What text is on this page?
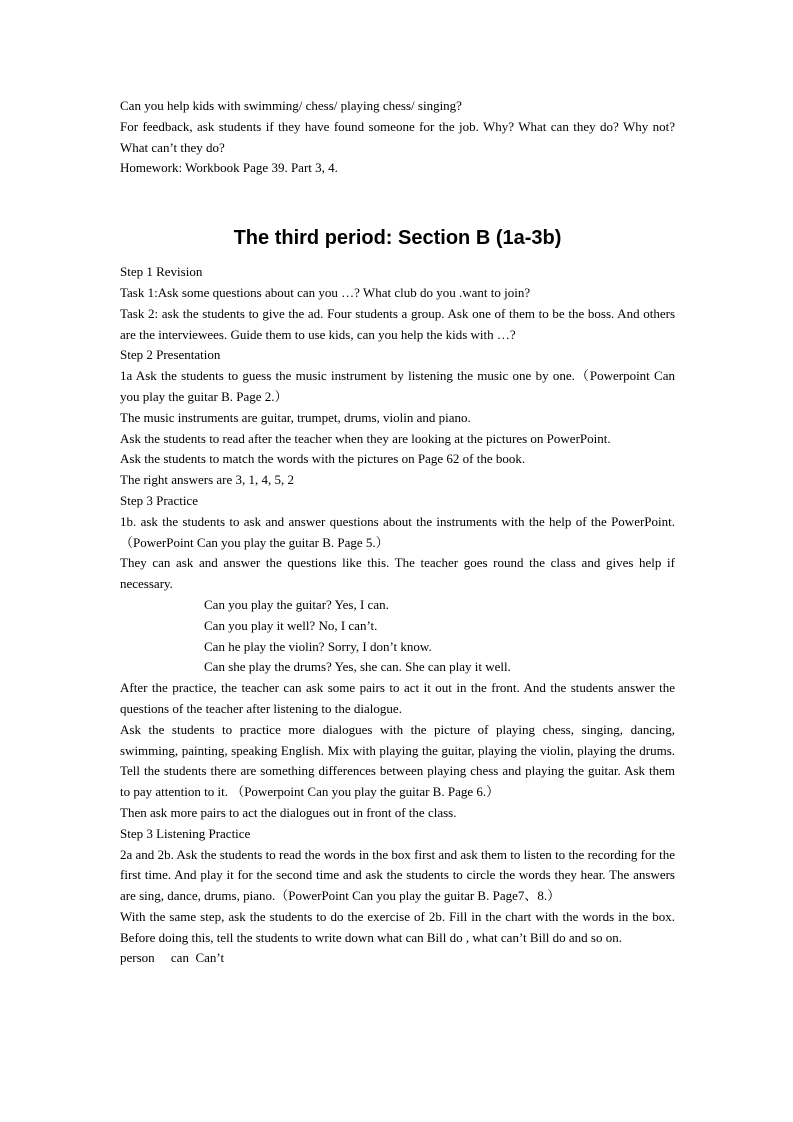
Can you help kids with swimming/ chess/ playing chess/ singing?

For feedback, ask students if they have found someone for the job. Why? What can they do? Why not? What can’t they do?

Homework: Workbook Page 39. Part 3, 4.

The third period: Section B (1a-3b)

Step 1 Revision

Task 1:Ask some questions about can you …? What club do you .want to join?

Task 2: ask the students to give the ad. Four students a group. Ask one of them to be the boss. And others are the interviewees. Guide them to use kids, can you help the kids with …?

Step 2 Presentation

1a Ask the students to guess the music instrument by listening the music one by one.（Powerpoint Can you play the guitar B. Page 2.）

The music instruments are guitar, trumpet, drums, violin and piano.

Ask the students to read after the teacher when they are looking at the pictures on PowerPoint.

Ask the students to match the words with the pictures on Page 62 of the book.

The right answers are 3, 1, 4, 5, 2

Step 3 Practice

1b. ask the students to ask and answer questions about the instruments with the help of the PowerPoint. （PowerPoint Can you play the guitar B. Page 5.）

They can ask and answer the questions like this. The teacher goes round the class and gives help if necessary.

Can you play the guitar? Yes, I can.

Can you play it well? No, I can’t.

Can he play the violin? Sorry, I don’t know.

Can she play the drums? Yes, she can. She can play it well.

After the practice, the teacher can ask some pairs to act it out in the front. And the students answer the questions of the teacher after listening to the dialogue.

Ask the students to practice more dialogues with the picture of playing chess, singing, dancing, swimming, painting, speaking English. Mix with playing the guitar, playing the violin, playing the drums. Tell the students there are something differences between playing chess and playing the guitar. Ask them to pay attention to it. （Powerpoint Can you play the guitar B. Page 6.）

Then ask more pairs to act the dialogues out in front of the class.

Step 3 Listening Practice

2a and 2b. Ask the students to read the words in the box first and ask them to listen to the recording for the first time. And play it for the second time and ask the students to circle the words they hear. The answers are sing, dance, drums, piano.（PowerPoint Can you play the guitar B. Page7、8.）

With the same step, ask the students to do the exercise of 2b. Fill in the chart with the words in the box. Before doing this, tell the students to write down what can Bill do , what can’t Bill do and so on.

person     can  Can’t
